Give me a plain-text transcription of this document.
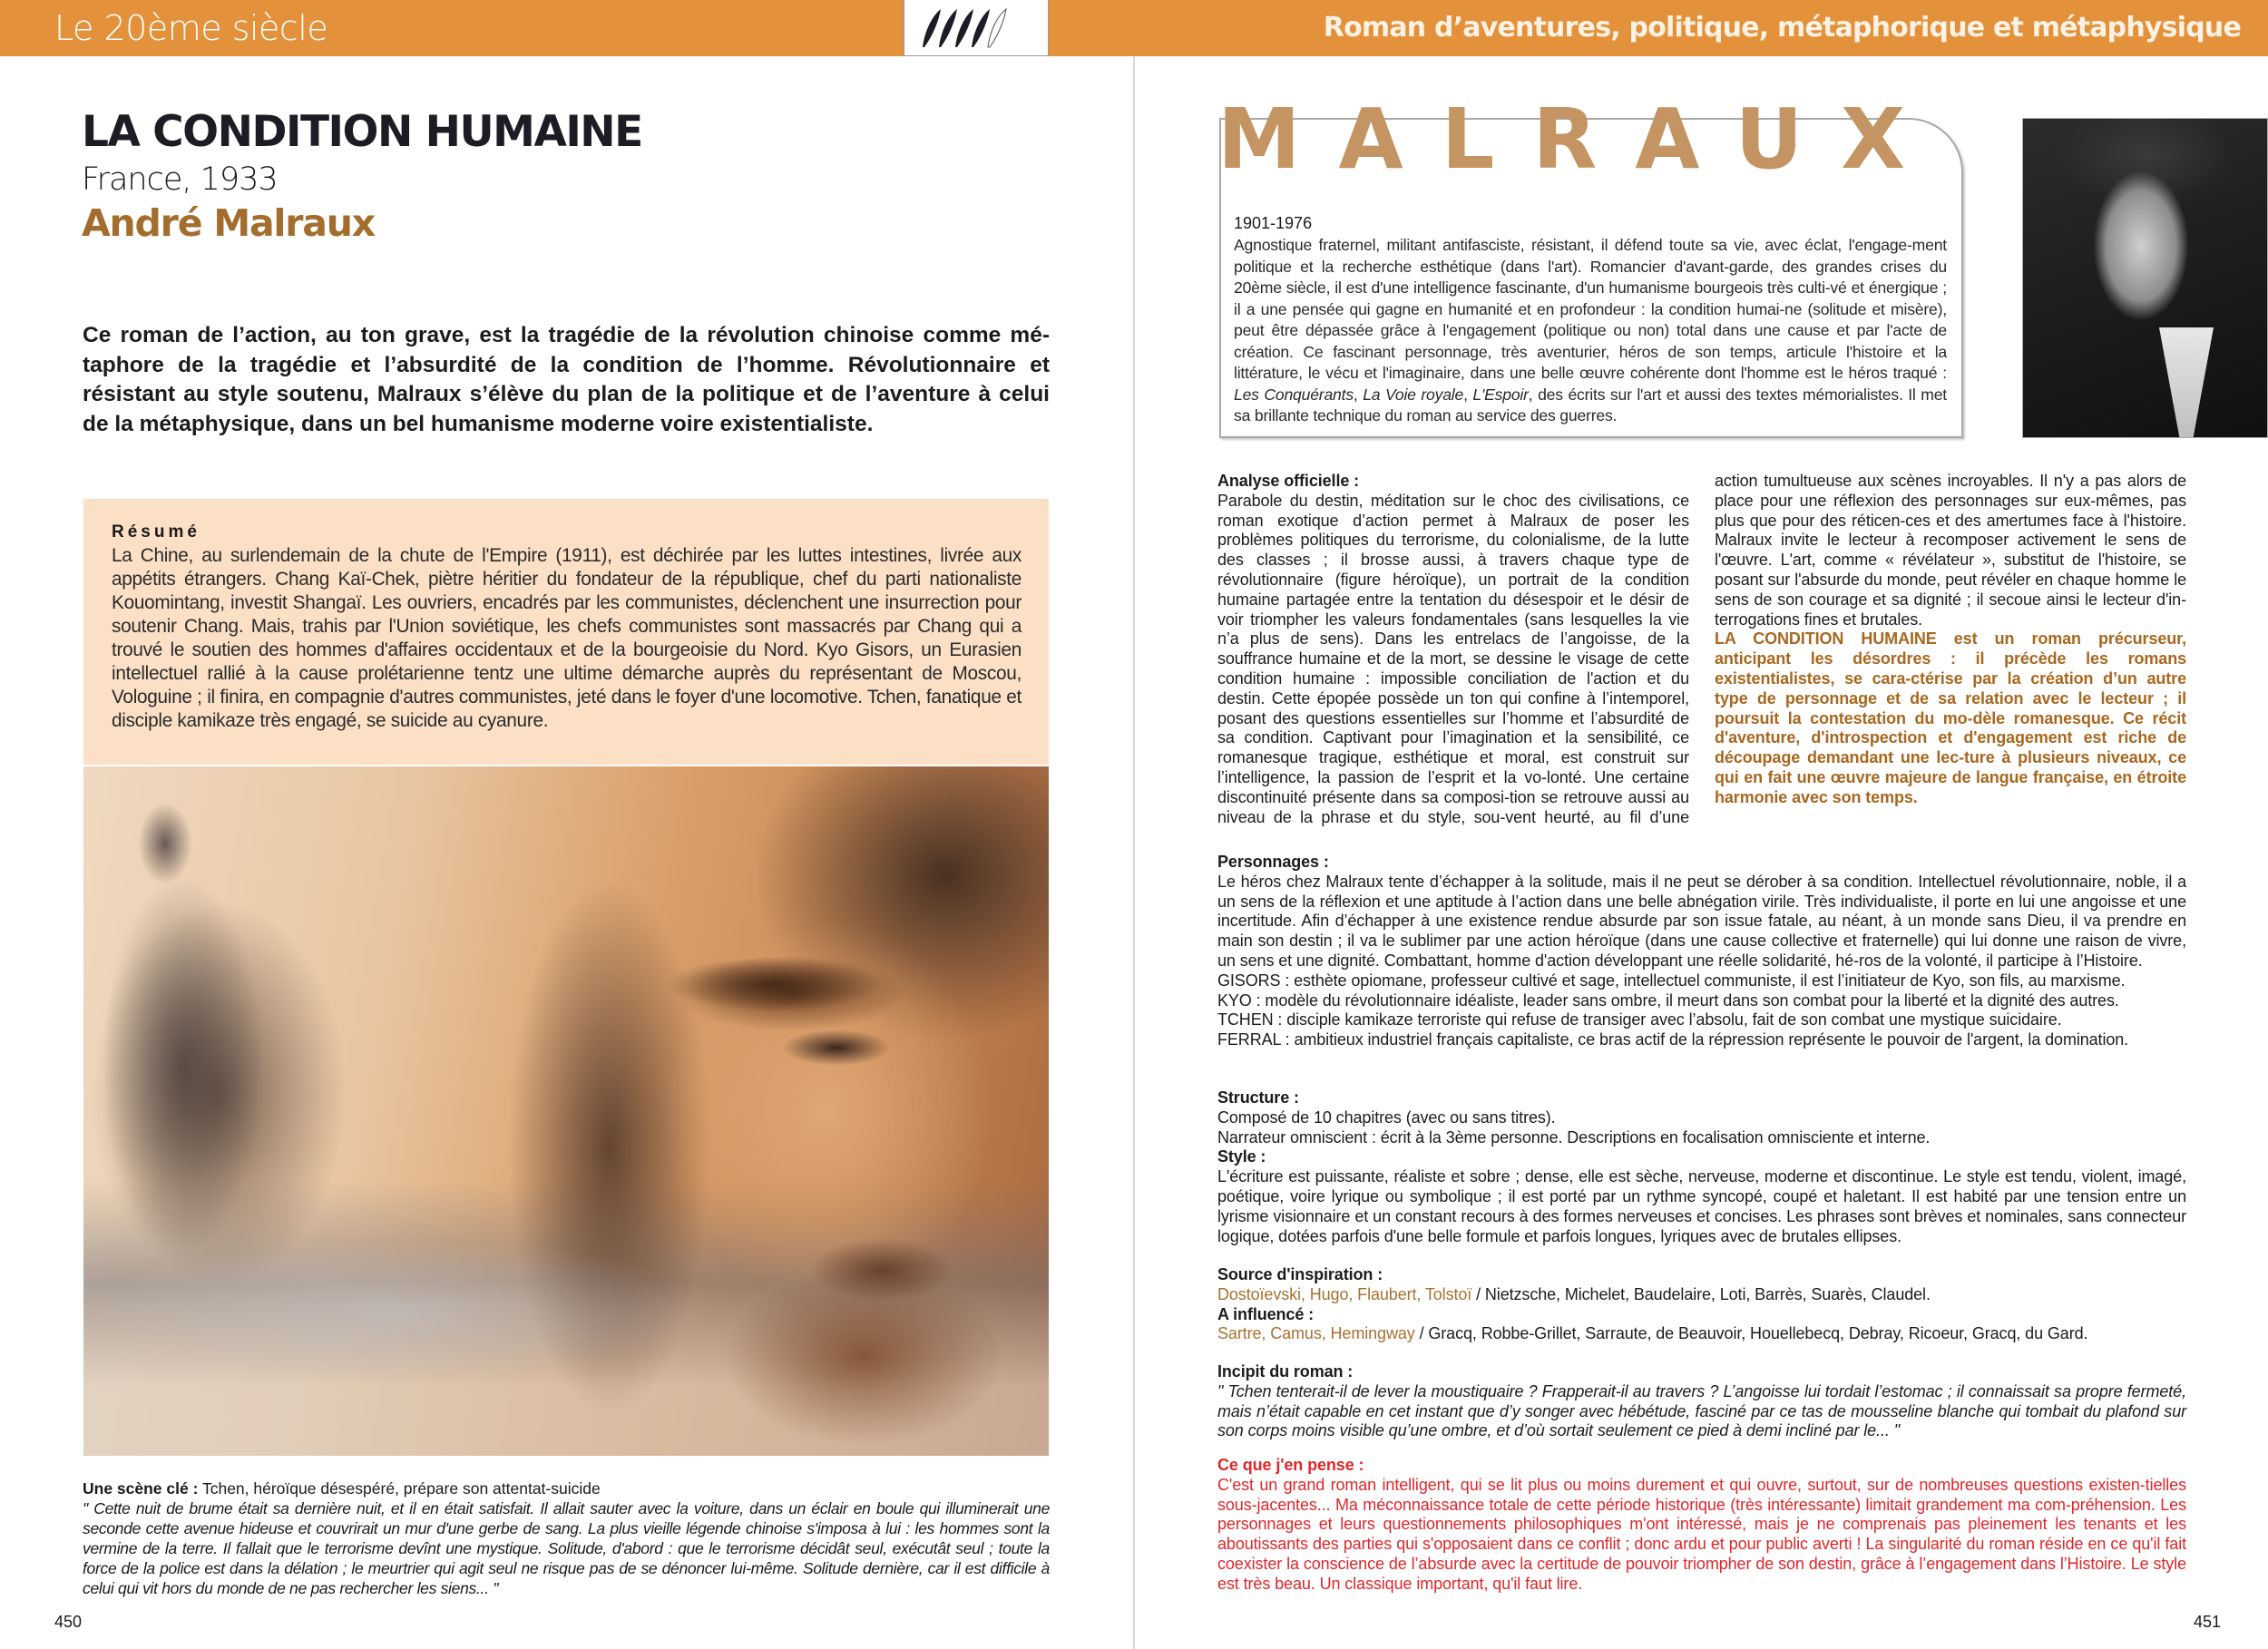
Le 20ème siècle	Roman d’aventures, politique, métaphorique et métaphysique
LA CONDITION HUMAINE
France, 1933
André Malraux

Ce roman de l’action, au ton grave, est la tragédie de la révolution chinoise comme mé-taphore de la tragédie et l’absurdité de la condition de l’homme. Révolutionnaire et résistant au style soutenu, Malraux s’élève du plan de la politique et de l’aventure à celui de la métaphysique, dans un bel humanisme moderne voire existentialiste.

Résumé

La Chine, au surlendemain de la chute de l'Empire (1911), est déchirée par les luttes intestines, livrée aux appétits étrangers. Chang Kaï-Chek, piètre héritier du fondateur de la république, chef du parti nationaliste Kouomintang, investit Shangaï. Les ouvriers, encadrés par les communistes, déclenchent une insurrection pour soutenir Chang. Mais, trahis par l'Union soviétique, les chefs communistes sont massacrés par Chang qui a trouvé le soutien des hommes d'affaires occidentaux et de la bourgeoisie du Nord. Kyo Gisors, un Eurasien intellectuel rallié à la cause prolétarienne tentz une ultime démarche auprès du représentant de Moscou, Vologuine ; il finira, en compagnie d'autres communistes, jeté dans le foyer d'une locomotive. Tchen, fanatique et disciple kamikaze très engagé, se suicide au cyanure.

Une scène clé : Tchen, héroïque désespéré, prépare son attentat-suicide

" Cette nuit de brume était sa dernière nuit, et il en était satisfait. Il allait sauter avec la voiture, dans un éclair en boule qui illuminerait une seconde cette avenue hideuse et couvrirait un mur d'une gerbe de sang. La plus vieille légende chinoise s'imposa à lui : les hommes sont la vermine de la terre. Il fallait que le terrorisme devînt une mystique. Solitude, d'abord : que le terrorisme décidât seul, exécutât seul ; toute la force de la police est dans la délation ; le meurtrier qui agit seul ne risque pas de se dénoncer lui-même. Solitude dernière, car il est difficile à celui qui vit hors du monde de ne pas rechercher les siens... "

450
MALRAUX
1901-1976

Agnostique fraternel, militant antifasciste, résistant, il défend toute sa vie, avec éclat, l'engage-ment politique et la recherche esthétique (dans l'art). Romancier d'avant-garde, des grandes crises du 20ème siècle, il est d'une intelligence fascinante, d'un humanisme bourgeois très culti-vé et énergique ; il a une pensée qui gagne en humanité et en profondeur : la condition humai-ne (solitude et misère), peut être dépassée grâce à l'engagement (politique ou non) total dans une cause et par l'acte de création. Ce fascinant personnage, très aventurier, héros de son temps, articule l'histoire et la littérature, le vécu et l'imaginaire, dans une belle œuvre cohérente dont l'homme est le héros traqué : Les Conquérants, La Voie royale, L'Espoir, des écrits sur l'art et aussi des textes mémorialistes. Il met sa brillante technique du roman au service des guerres.

Analyse officielle :

Parabole du destin, méditation sur le choc des civilisations, ce roman exotique d’action permet à Malraux de poser les problèmes politiques du terrorisme, du colonialisme, de la lutte des classes ; il brosse aussi, à travers chaque type de révolutionnaire (figure héroïque), un portrait de la condition humaine partagée entre la tentation du désespoir et le désir de voir triompher les valeurs fondamentales (sans lesquelles la vie n’a plus de sens). Dans les entrelacs de l’angoisse, de la souffrance humaine et de la mort, se dessine le visage de cette condition humaine : impossible conciliation de l'action et du destin. Cette épopée possède un ton qui confine à l’intemporel, posant des questions essentielles sur l’homme et l’absurdité de sa condition. Captivant pour l’imagination et la sensibilité, ce romanesque tragique, esthétique et moral, est construit sur l’intelligence, la passion de l’esprit et la vo-lonté. Une certaine discontinuité présente dans sa composi-tion se retrouve aussi au niveau de la phrase et du style, sou-vent heurté, au fil d’une action tumultueuse aux scènes incroyables. Il n'y a pas alors de place pour une réflexion des personnages sur eux-mêmes, pas plus que pour des réticen-ces et des amertumes face à l'histoire. Malraux invite le lecteur à recomposer activement le sens de l'œuvre. L'art, comme « révélateur », substitut de l'histoire, se posant sur l'absurde du monde, peut révéler en chaque homme le sens de son courage et sa dignité ; il secoue ainsi le lecteur d'in-terrogations fines et brutales.

LA CONDITION HUMAINE est un roman précurseur, anticipant les désordres : il précède les romans existentialistes, se cara-ctérise par la création d’un autre type de personnage et de sa relation avec le lecteur ; il poursuit la contestation du mo-dèle romanesque. Ce récit d'aventure, d'introspection et d'engagement est riche de découpage demandant une lec-ture à plusieurs niveaux, ce qui en fait une œuvre majeure de langue française, en étroite harmonie avec son temps.

Personnages :

Le héros chez Malraux tente d’échapper à la solitude, mais il ne peut se dérober à sa condition. Intellectuel révolutionnaire, noble, il a un sens de la réflexion et une aptitude à l’action dans une belle abnégation virile. Très individualiste, il porte en lui une angoisse et une incertitude. Afin d’échapper à une existence rendue absurde par son issue fatale, au néant, à un monde sans Dieu, il va prendre en main son destin ; il va le sublimer par une action héroïque (dans une cause collective et fraternelle) qui lui donne une raison de vivre, un sens et une dignité. Combattant, homme d'action développant une réelle solidarité, hé-ros de la volonté, il participe à l’Histoire.

GISORS : esthète opiomane, professeur cultivé et sage, intellectuel communiste, il est l’initiateur de Kyo, son fils, au marxisme.
KYO : modèle du révolutionnaire idéaliste, leader sans ombre, il meurt dans son combat pour la liberté et la dignité des autres.
TCHEN : disciple kamikaze terroriste qui refuse de transiger avec l’absolu, fait de son combat une mystique suicidaire.
FERRAL : ambitieux industriel français capitaliste, ce bras actif de la répression représente le pouvoir de l'argent, la domination.
Structure :
Composé de 10 chapitres (avec ou sans titres).
Narrateur omniscient : écrit à la 3ème personne. Descriptions en focalisation omnisciente et interne.
Style :

L'écriture est puissante, réaliste et sobre ; dense, elle est sèche, nerveuse, moderne et discontinue. Le style est tendu, violent, imagé, poétique, voire lyrique ou symbolique ; il est porté par un rythme syncopé, coupé et haletant. Il est habité par une tension entre un lyrisme visionnaire et un constant recours à des formes nerveuses et concises. Les phrases sont brèves et nominales, sans connecteur logique, dotées parfois d'une belle formule et parfois longues, lyriques avec de brutales ellipses.

Source d'inspiration :
Dostoïevski, Hugo, Flaubert, Tolstoï / Nietzsche, Michelet, Baudelaire, Loti, Barrès, Suarès, Claudel.
A influencé :
Sartre, Camus, Hemingway / Gracq, Robbe-Grillet, Sarraute, de Beauvoir, Houellebecq, Debray, Ricoeur, Gracq, du Gard.
Incipit du roman :

" Tchen tenterait-il de lever la moustiquaire ? Frapperait-il au travers ? L’angoisse lui tordait l’estomac ; il connaissait sa propre fermeté, mais n’était capable en cet instant que d’y songer avec hébétude, fasciné par ce tas de mousseline blanche qui tombait du plafond sur son corps moins visible qu’une ombre, et d’où sortait seulement ce pied à demi incliné par le... "

Ce que j'en pense :

C'est un grand roman intelligent, qui se lit plus ou moins durement et qui ouvre, surtout, sur de nombreuses questions existen-tielles sous-jacentes... Ma méconnaissance totale de cette période historique (très intéressante) limitait grandement ma com-préhension. Les personnages et leurs questionnements philosophiques m'ont intéressé, mais je ne comprenais pas pleinement les tenants et les aboutissants des parties qui s'opposaient dans ce conflit ; donc ardu et pour public averti ! La singularité du roman réside en ce qu'il fait coexister la conscience de l’absurde avec la certitude de pouvoir triompher de son destin, grâce à l’engagement dans l’Histoire. Le style est très beau. Un classique important, qu'il faut lire.

451
